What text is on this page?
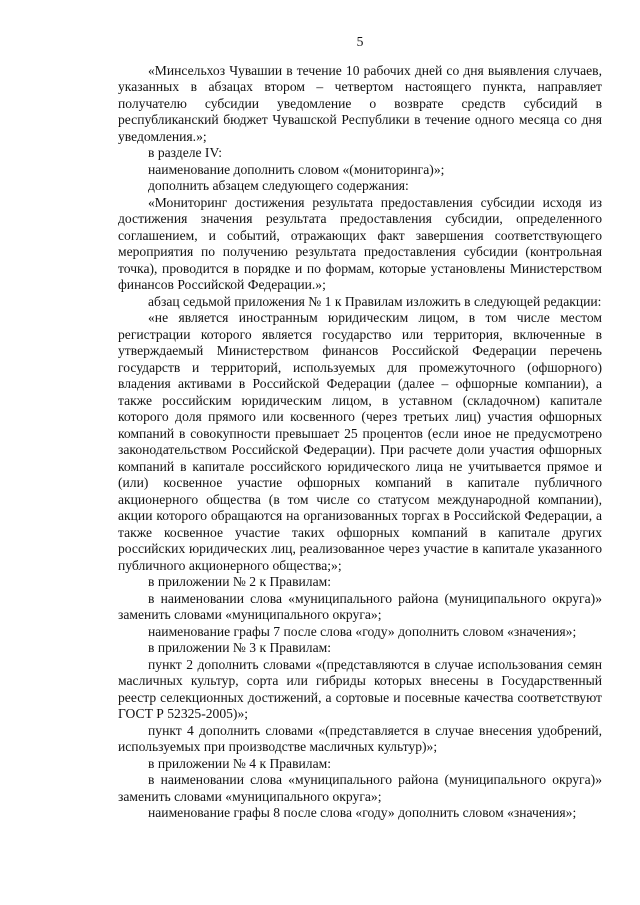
5

«Минсельхоз Чувашии в течение 10 рабочих дней со дня выявления случаев, указанных в абзацах втором – четвертом настоящего пункта, направляет получателю субсидии уведомление о возврате средств субсидий в республиканский бюджет Чувашской Республики в течение одного месяца со дня уведомления.»;

в разделе IV:

наименование дополнить словом «(мониторинга)»;

дополнить абзацем следующего содержания:

«Мониторинг достижения результата предоставления субсидии исходя из достижения значения результата предоставления субсидии, определенного соглашением, и событий, отражающих факт завершения соответствующего мероприятия по получению результата предоставления субсидии (контрольная точка), проводится в порядке и по формам, которые установлены Министерством финансов Российской Федерации.»;

абзац седьмой приложения № 1 к Правилам изложить в следующей редакции:

«не является иностранным юридическим лицом, в том числе местом регистрации которого является государство или территория, включенные в утверждаемый Министерством финансов Российской Федерации перечень государств и территорий, используемых для промежуточного (офшорного) владения активами в Российской Федерации (далее – офшорные компании), а также российским юридическим лицом, в уставном (складочном) капитале которого доля прямого или косвенного (через третьих лиц) участия офшорных компаний в совокупности превышает 25 процентов (если иное не предусмотрено законодательством Российской Федерации). При расчете доли участия офшорных компаний в капитале российского юридического лица не учитывается прямое и (или) косвенное участие офшорных компаний в капитале публичного акционерного общества (в том числе со статусом международной компании), акции которого обращаются на организованных торгах в Российской Федерации, а также косвенное участие таких офшорных компаний в капитале других российских юридических лиц, реализованное через участие в капитале указанного публичного акционерного общества;»;

в приложении № 2 к Правилам:

в наименовании слова «муниципального района (муниципального округа)» заменить словами «муниципального округа»;

наименование графы 7 после слова «году» дополнить словом «значения»;

в приложении № 3 к Правилам:

пункт 2 дополнить словами «(представляются в случае использования семян масличных культур, сорта или гибриды которых внесены в Государственный реестр селекционных достижений, а сортовые и посевные качества соответствуют ГОСТ Р 52325-2005)»;

пункт 4 дополнить словами «(представляется в случае внесения удобрений, используемых при производстве масличных культур)»;

в приложении № 4 к Правилам:

в наименовании слова «муниципального района (муниципального округа)» заменить словами «муниципального округа»;

наименование графы 8 после слова «году» дополнить словом «значения»;
